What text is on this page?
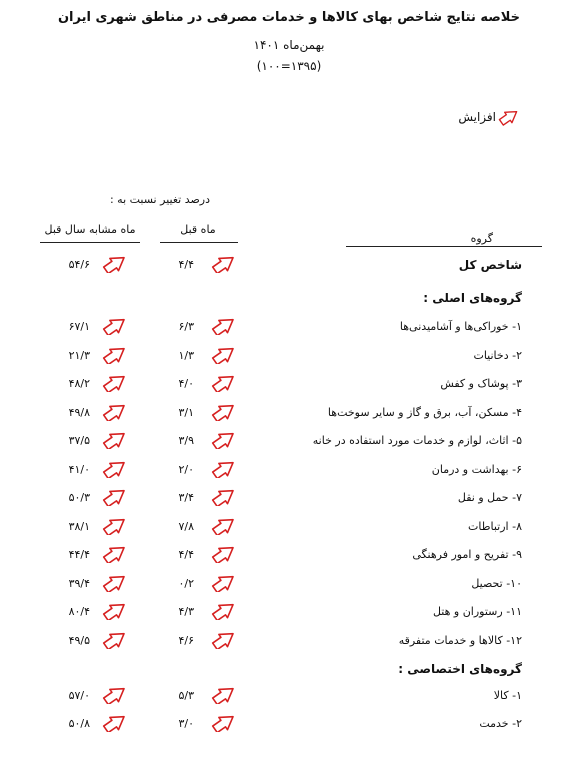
خلاصه نتایج شاخص بهای کالاها و خدمات مصرفی در مناطق شهری ایران
بهمن‌ماه ۱۴۰۱
(۱۰۰=۱۳۹۵)
افزایش
درصد تغییر نسبت به :
ماه قبل
ماه مشابه سال قبل
گروه
شاخص کل
۴/۴
۵۴/۶
گروه‌های اصلی :
۱- خوراکی‌ها و آشامیدنی‌ها
۶/۳
۶۷/۱
۲- دخانیات
۱/۳
۲۱/۳
۳- پوشاک و کفش
۴/۰
۴۸/۲
۴- مسکن، آب، برق و گاز و سایر سوخت‌ها
۳/۱
۴۹/۸
۵- اثاث، لوازم و خدمات مورد استفاده در خانه
۳/۹
۳۷/۵
۶- بهداشت و درمان
۲/۰
۴۱/۰
۷- حمل و نقل
۳/۴
۵۰/۳
۸- ارتباطات
۷/۸
۳۸/۱
۹- تفریح و امور فرهنگی
۴/۴
۴۴/۴
۱۰- تحصیل
۰/۲
۳۹/۴
۱۱- رستوران و هتل
۴/۳
۸۰/۴
۱۲- کالاها و خدمات متفرقه
۴/۶
۴۹/۵
گروه‌های اختصاصی :
۱- کالا
۵/۳
۵۷/۰
۲- خدمت
۳/۰
۵۰/۸
